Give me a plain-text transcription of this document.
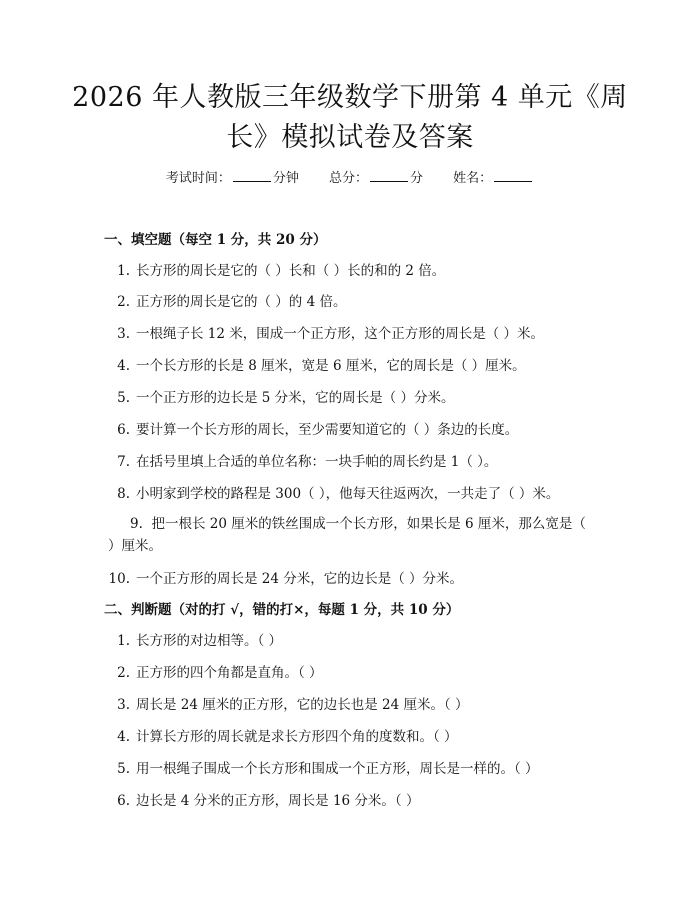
2026 年人教版三年级数学下册第 4 单元《周
长》模拟试卷及答案
考试时间：	分钟 总分：	分 姓名：
一、填空题（每空 1 分，共 20 分）
1. 长方形的周长是它的（ ）长和（ ）长的和的 2 倍。
2. 正方形的周长是它的（ ）的 4 倍。
3. 一根绳子长 12 米，围成一个正方形，这个正方形的周长是（ ）米。
4. 一个长方形的长是 8 厘米，宽是 6 厘米，它的周长是（ ）厘米。
5. 一个正方形的边长是 5 分米，它的周长是（ ）分米。
6. 要计算一个长方形的周长，至少需要知道它的（ ）条边的长度。
7. 在括号里填上合适的单位名称：一块手帕的周长约是 1（ ）。
8. 小明家到学校的路程是 300（ ），他每天往返两次，一共走了（ ）米。
9. 把一根长 20 厘米的铁丝围成一个长方形，如果长是 6 厘米，那么宽是（ ）厘米。
10. 一个正方形的周长是 24 分米，它的边长是（ ）分米。
二、判断题（对的打 √，错的打×，每题 1 分，共 10 分）
1. 长方形的对边相等。（ ）
2. 正方形的四个角都是直角。（ ）
3. 周长是 24 厘米的正方形，它的边长也是 24 厘米。（ ）
4. 计算长方形的周长就是求长方形四个角的度数和。（ ）
5. 用一根绳子围成一个长方形和围成一个正方形，周长是一样的。（ ）
6. 边长是 4 分米的正方形，周长是 16 分米。（ ）
